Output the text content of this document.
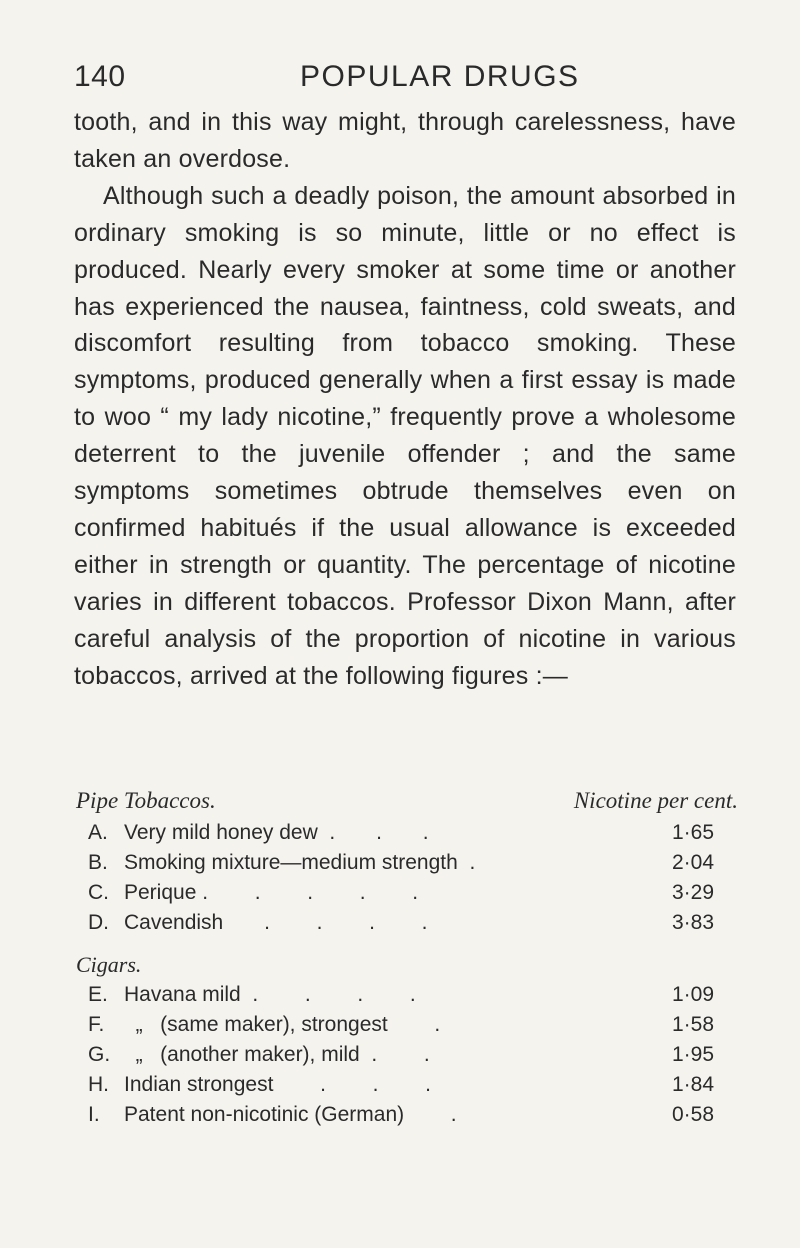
140	POPULAR DRUGS

tooth, and in this way might, through carelessness, have taken an overdose.

Although such a deadly poison, the amount absorbed in ordinary smoking is so minute, little or no effect is produced. Nearly every smoker at some time or another has experienced the nausea, faintness, cold sweats, and discomfort resulting from tobacco smoking. These symptoms, produced generally when a first essay is made to woo “ my lady nicotine,” frequently prove a wholesome deterrent to the juvenile offender ; and the same symptoms sometimes obtrude themselves even on confirmed habitués if the usual allowance is exceeded either in strength or quantity. The percentage of nicotine varies in different tobaccos. Professor Dixon Mann, after careful analysis of the proportion of nicotine in various tobaccos, arrived at the following figures :—

Pipe Tobaccos.	Nicotine per cent.
A. Very mild honey dew  .       .       .	1·65
B. Smoking mixture—medium strength  .	2·04
C. Perique .        .        .        .        .	3·29
D. Cavendish       .        .        .        .	3·83
Cigars.
E. Havana mild  .        .        .        .	1·09
F. „   (same maker), strongest        .	1·58
G. „   (another maker), mild  .        .	1·95
H. Indian strongest        .        .        .	1·84
I.	Patent non-nicotinic (German)        .	0·58
